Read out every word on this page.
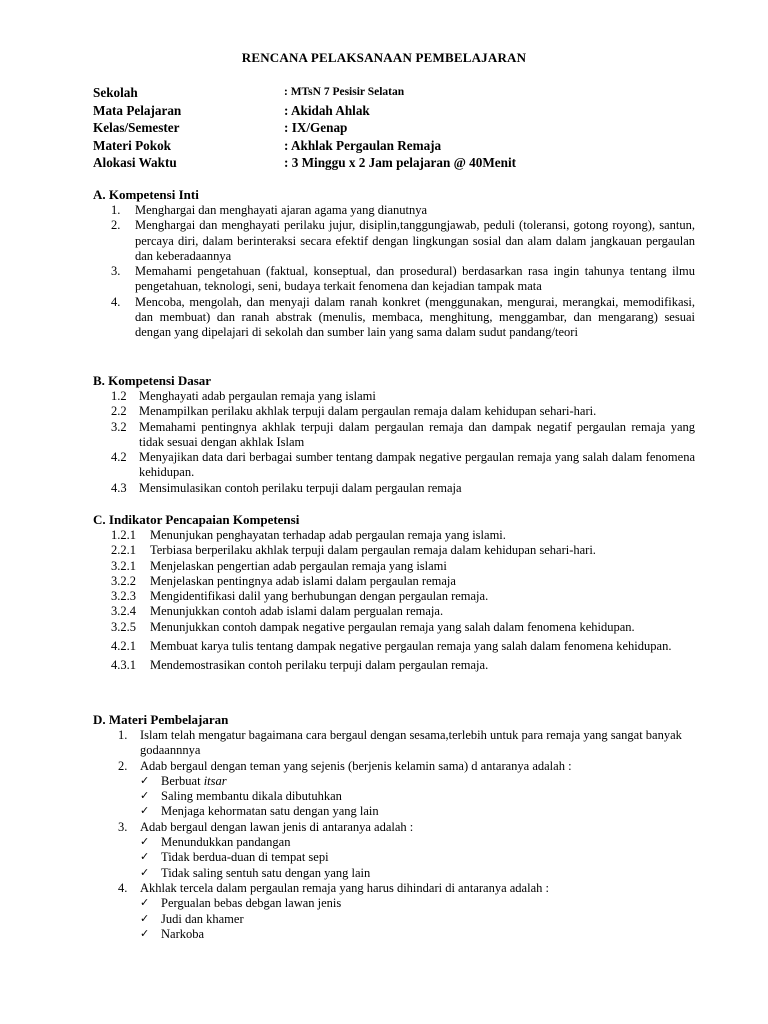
RENCANA PELAKSANAAN PEMBELAJARAN
Sekolah	: MTsN 7 Pesisir Selatan
Mata Pelajaran	: Akidah Ahlak
Kelas/Semester	: IX/Genap
Materi Pokok	: Akhlak Pergaulan Remaja
Alokasi Waktu	: 3 Minggu x 2 Jam pelajaran @ 40Menit
A. Kompetensi Inti
1.	Menghargai dan menghayati ajaran agama yang dianutnya
2.	Menghargai dan menghayati perilaku jujur, disiplin,tanggungjawab, peduli (toleransi, gotong royong), santun, percaya diri, dalam berinteraksi secara efektif dengan lingkungan sosial dan alam dalam jangkauan pergaulan dan keberadaannya
3.	Memahami pengetahuan (faktual, konseptual, dan prosedural) berdasarkan rasa ingin tahunya tentang ilmu pengetahuan, teknologi, seni, budaya terkait fenomena dan kejadian tampak mata
4.	Mencoba, mengolah, dan menyaji dalam ranah konkret (menggunakan, mengurai, merangkai, memodifikasi, dan membuat) dan ranah abstrak (menulis, membaca, menghitung, menggambar, dan mengarang) sesuai dengan yang dipelajari di sekolah dan sumber lain yang sama dalam sudut pandang/teori
B. Kompetensi Dasar
1.2 Menghayati adab pergaulan remaja yang islami
2.2 Menampilkan perilaku akhlak terpuji dalam pergaulan remaja dalam kehidupan sehari-hari.
3.2 Memahami pentingnya akhlak terpuji dalam pergaulan remaja dan dampak negatif pergaulan remaja yang tidak sesuai dengan akhlak Islam
4.2 Menyajikan data dari berbagai sumber tentang dampak negative pergaulan remaja yang salah dalam fenomena kehidupan.
4.3 Mensimulasikan contoh perilaku terpuji dalam pergaulan remaja
C. Indikator Pencapaian Kompetensi
1.2.1	Menunjukan penghayatan terhadap adab pergaulan remaja yang islami.
2.2.1	Terbiasa berperilaku akhlak terpuji dalam pergaulan remaja dalam kehidupan sehari-hari.
3.2.1	Menjelaskan pengertian adab pergaulan remaja yang islami
3.2.2	Menjelaskan pentingnya adab islami dalam pergaulan remaja
3.2.3	Mengidentifikasi dalil yang berhubungan dengan pergaulan remaja.
3.2.4	Menunjukkan contoh adab islami dalam pergualan remaja.
3.2.5	Menunjukkan contoh dampak negative pergaulan remaja yang salah dalam fenomena kehidupan.
4.2.1	Membuat karya tulis tentang dampak negative pergaulan remaja yang salah dalam fenomena kehidupan.
4.3.1	Mendemostrasikan contoh perilaku terpuji dalam pergaulan remaja.
D. Materi Pembelajaran
1.	Islam telah mengatur bagaimana cara bergaul dengan sesama,terlebih untuk para remaja yang sangat banyak godaannnya
2.	Adab bergaul dengan teman yang sejenis (berjenis kelamin sama) d antaranya adalah :
✓ Berbuat itsar
✓ Saling membantu dikala dibutuhkan
✓ Menjaga kehormatan satu dengan yang lain
3.	Adab bergaul dengan lawan jenis di antaranya adalah :
✓ Menundukkan pandangan
✓ Tidak berdua-duan di tempat sepi
✓ Tidak saling sentuh satu dengan yang lain
4.	Akhlak tercela dalam pergaulan remaja yang harus dihindari di antaranya adalah :
✓ Pergualan bebas debgan lawan jenis
✓ Judi dan khamer
✓ Narkoba
